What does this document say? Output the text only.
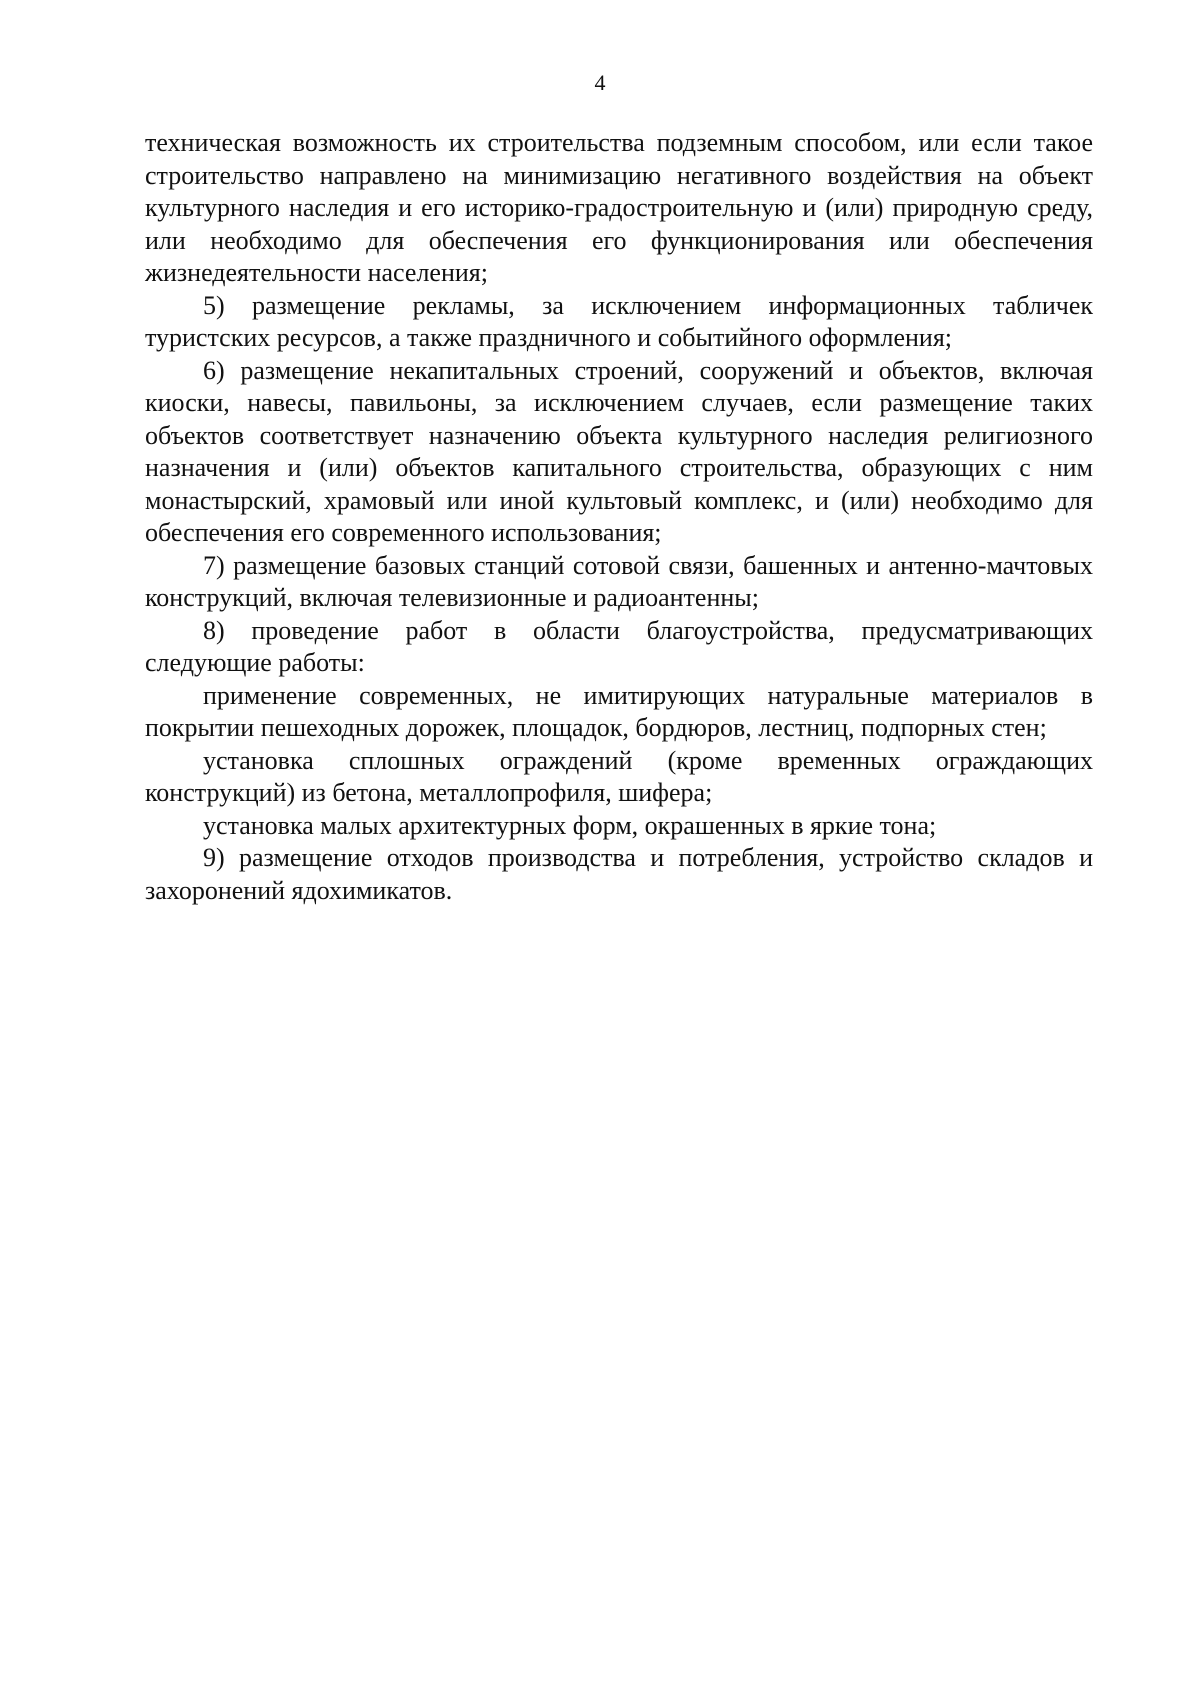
4

техническая возможность их строительства подземным способом, или если такое строительство направлено на минимизацию негативного воздействия на объект культурного наследия и его историко-градостроительную и (или) природную среду, или необходимо для обеспечения его функционирования или обеспечения жизнедеятельности населения;

5) размещение рекламы, за исключением информационных табличек туристских ресурсов, а также праздничного и событийного оформления;

6) размещение некапитальных строений, сооружений и объектов, включая киоски, навесы, павильоны, за исключением случаев, если размещение таких объектов соответствует назначению объекта культурного наследия религиозного назначения и (или) объектов капитального строительства, образующих с ним монастырский, храмовый или иной культовый комплекс, и (или) необходимо для обеспечения его современного использования;

7) размещение базовых станций сотовой связи, башенных и антенно-мачтовых конструкций, включая телевизионные и радиоантенны;

8) проведение работ в области благоустройства, предусматривающих следующие работы:

применение современных, не имитирующих натуральные материалов в покрытии пешеходных дорожек, площадок, бордюров, лестниц, подпорных стен;

установка сплошных ограждений (кроме временных ограждающих конструкций) из бетона, металлопрофиля, шифера;

установка малых архитектурных форм, окрашенных в яркие тона;

9) размещение отходов производства и потребления, устройство складов и захоронений ядохимикатов.
